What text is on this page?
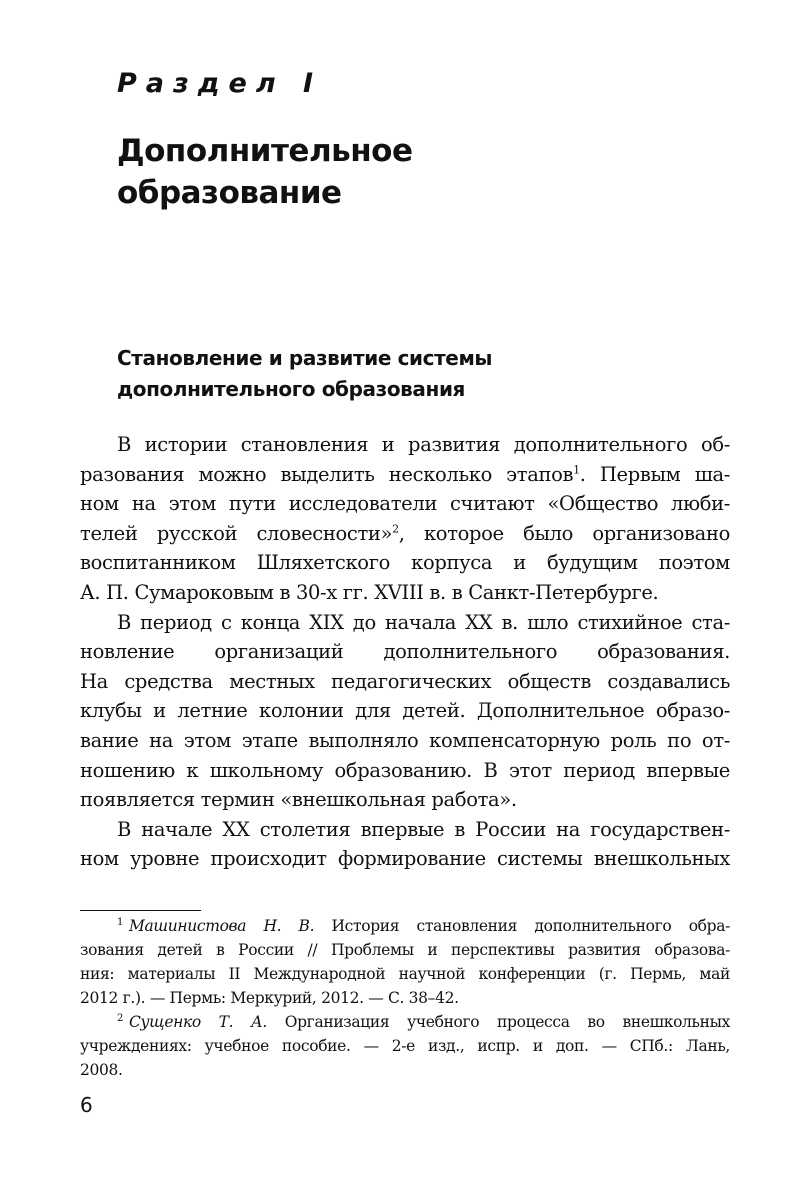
Раздел I
Дополнительное
образование
Становление и развитие системы
дополнительного образования
В истории становления и развития дополнительного об-
разования можно выделить несколько этапов$^1$. Первым ша-
ном на этом пути исследователи считают «Общество люби-
телей русской словесности»$^2$, которое было организовано
воспитанником Шляхетского корпуса и будущим поэтом
А. П. Сумароковым в 30-х гг. XVIII в. в Санкт-Петербурге.
В период с конца XIX до начала XX в. шло стихийное ста-
новление организаций дополнительного образования.
На средства местных педагогических обществ создавались
клубы и летние колонии для детей. Дополнительное образо-
вание на этом этапе выполняло компенсаторную роль по от-
ношению к школьному образованию. В этот период впервые
появляется термин «внешкольная работа».
В начале XX столетия впервые в России на государствен-
ном уровне происходит формирование системы внешкольных
$^1$ Машинистова Н. В. История становления дополнительного обра-
зования детей в России // Проблемы и перспективы развития образова-
ния: материалы II Международной научной конференции (г. Пермь, май
2012 г.). — Пермь: Меркурий, 2012. — С. 38–42.
$^2$ Сущенко Т. А. Организация учебного процесса во внешкольных
учреждениях: учебное пособие. — 2-е изд., испр. и доп. — СПб.: Лань,
2008.
6
